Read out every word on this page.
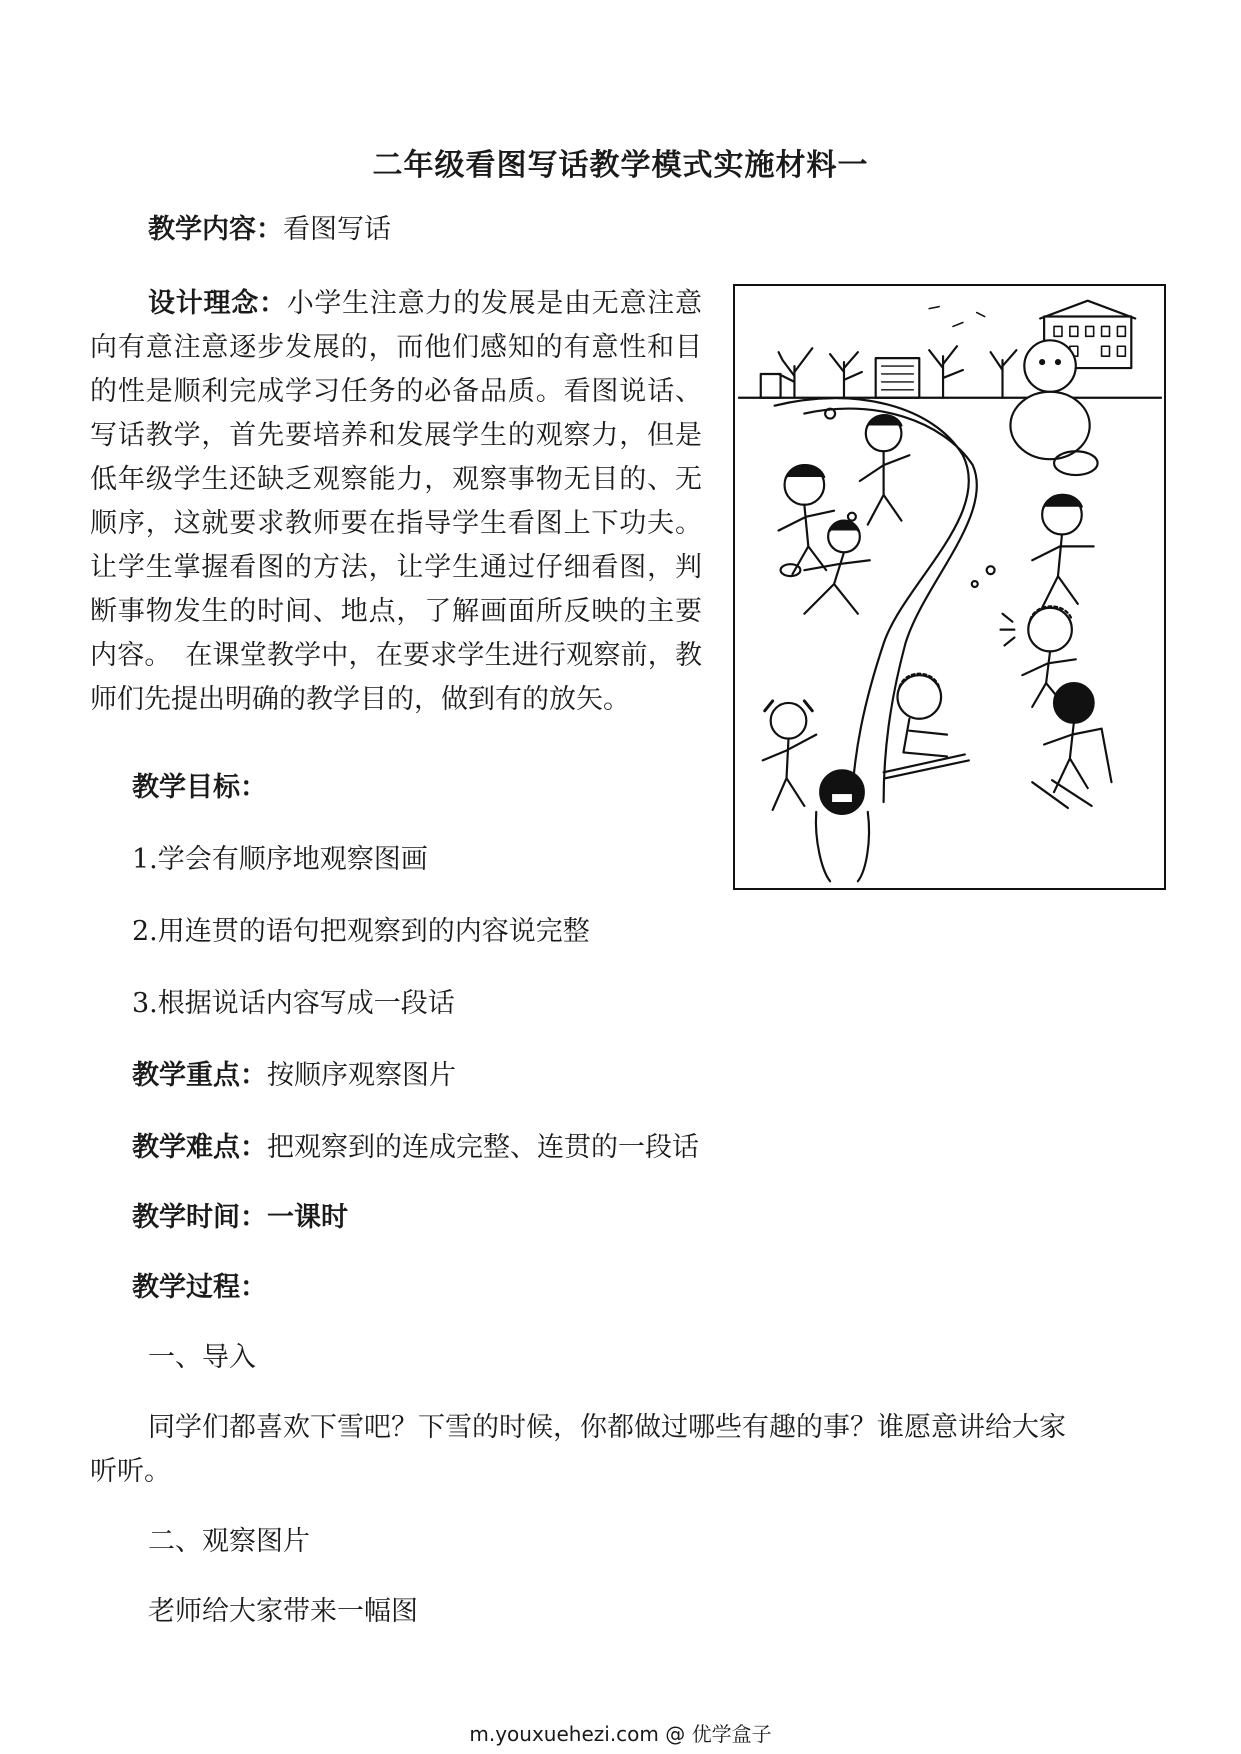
二年级看图写话教学模式实施材料一
教学内容：看图写话
设计理念：小学生注意力的发展是由无意注意向有意注意逐步发展的，而他们感知的有意性和目的性是顺利完成学习任务的必备品质。看图说话、写话教学，首先要培养和发展学生的观察力，但是低年级学生还缺乏观察能力，观察事物无目的、无顺序，这就要求教师要在指导学生看图上下功夫。让学生掌握看图的方法，让学生通过仔细看图，判断事物发生的时间、地点，了解画面所反映的主要内容。　在课堂教学中，在要求学生进行观察前，教师们先提出明确的教学目的，做到有的放矢。
教学目标：
1.学会有顺序地观察图画
2.用连贯的语句把观察到的内容说完整
3.根据说话内容写成一段话
教学重点：按顺序观察图片
教学难点：把观察到的连成完整、连贯的一段话
教学时间：一课时
教学过程：
一、导入
同学们都喜欢下雪吧？下雪的时候，你都做过哪些有趣的事？谁愿意讲给大家
听听。
二、观察图片
老师给大家带来一幅图
m.youxuehezi.com @ 优学盒子
